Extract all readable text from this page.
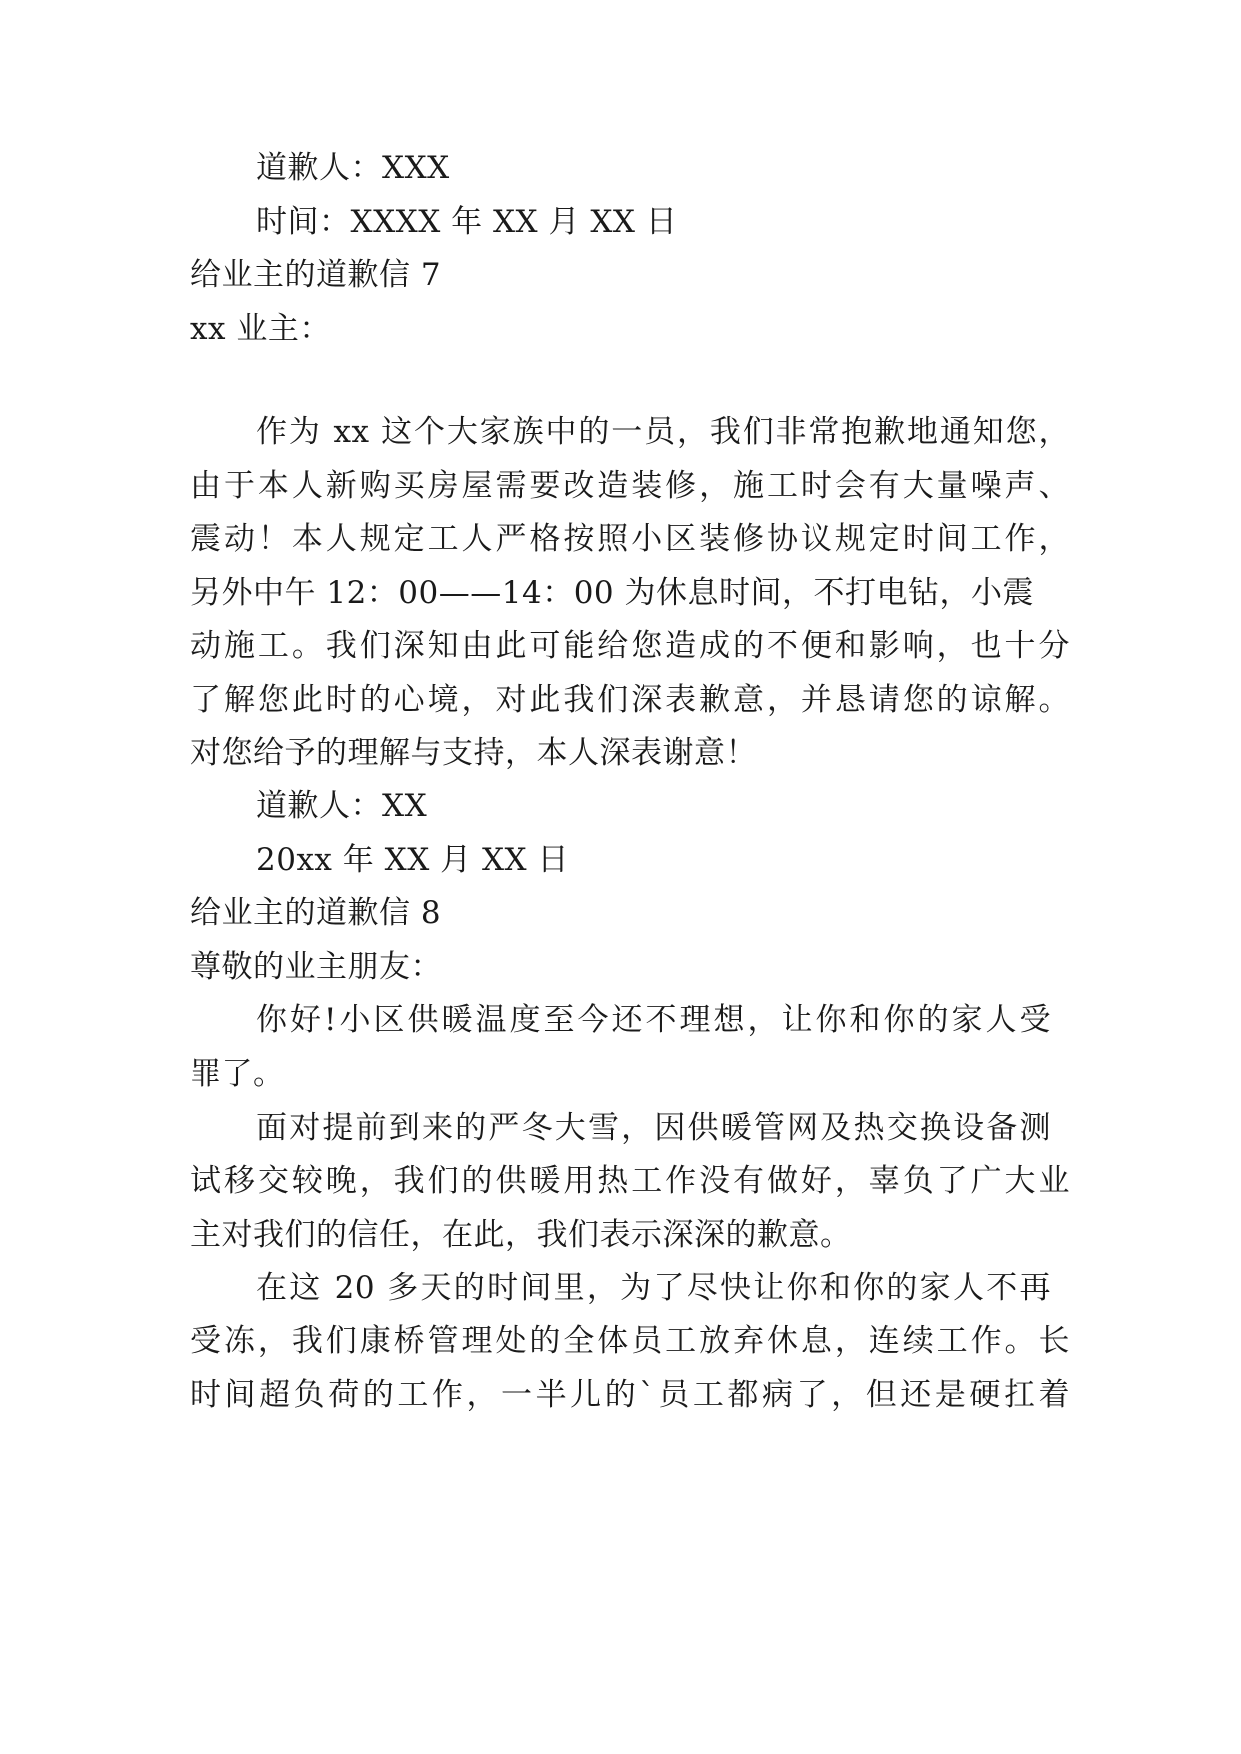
道歉人：XXX
时间：XXXX 年 XX 月 XX 日
给业主的道歉信 7
xx 业主：
作为 xx 这个大家族中的一员，我们非常抱歉地通知您，
由于本人新购买房屋需要改造装修，施工时会有大量噪声、
震动！本人规定工人严格按照小区装修协议规定时间工作，
另外中午 12：00——14：00 为休息时间，不打电钻，小震
动施工。我们深知由此可能给您造成的不便和影响，也十分
了解您此时的心境，对此我们深表歉意，并恳请您的谅解。
对您给予的理解与支持，本人深表谢意！
道歉人：XX
20xx 年 XX 月 XX 日
给业主的道歉信 8
尊敬的业主朋友：
你好!小区供暖温度至今还不理想，让你和你的家人受
罪了。
面对提前到来的严冬大雪，因供暖管网及热交换设备测
试移交较晚，我们的供暖用热工作没有做好，辜负了广大业
主对我们的信任，在此，我们表示深深的歉意。
在这 20 多天的时间里，为了尽快让你和你的家人不再
受冻，我们康桥管理处的全体员工放弃休息，连续工作。长
时间超负荷的工作，一半儿的`员工都病了，但还是硬扛着
